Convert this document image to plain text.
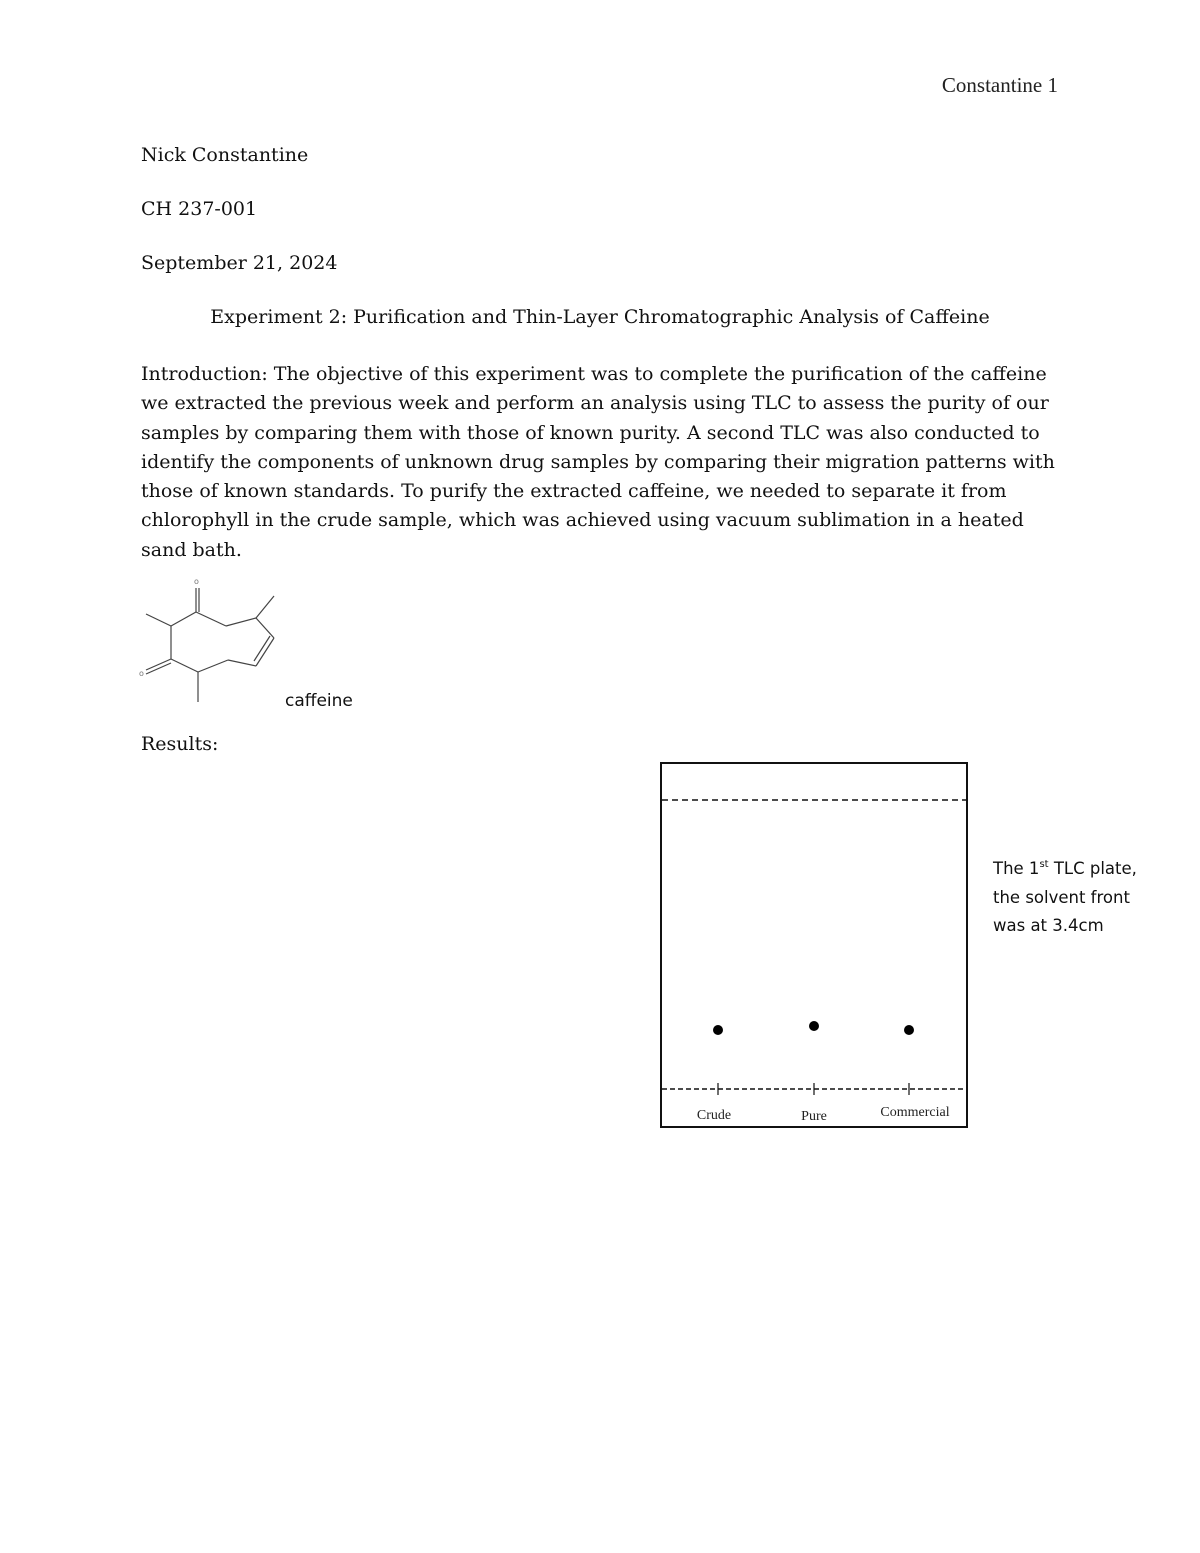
Constantine 1
Nick Constantine
CH 237-001
September 21, 2024
Experiment 2: Purification and Thin-Layer Chromatographic Analysis of Caffeine
Introduction: The objective of this experiment was to complete the purification of the caffeine we extracted the previous week and perform an analysis using TLC to assess the purity of our samples by comparing them with those of known purity. A second TLC was also conducted to identify the components of unknown drug samples by comparing their migration patterns with those of known standards. To purify the extracted caffeine, we needed to separate it from chlorophyll in the crude sample, which was achieved using vacuum sublimation in a heated sand bath.
o
o
caffeine
Results:
Crude	Pure	Commercial
The 1st TLC plate, the solvent front was at 3.4cm
